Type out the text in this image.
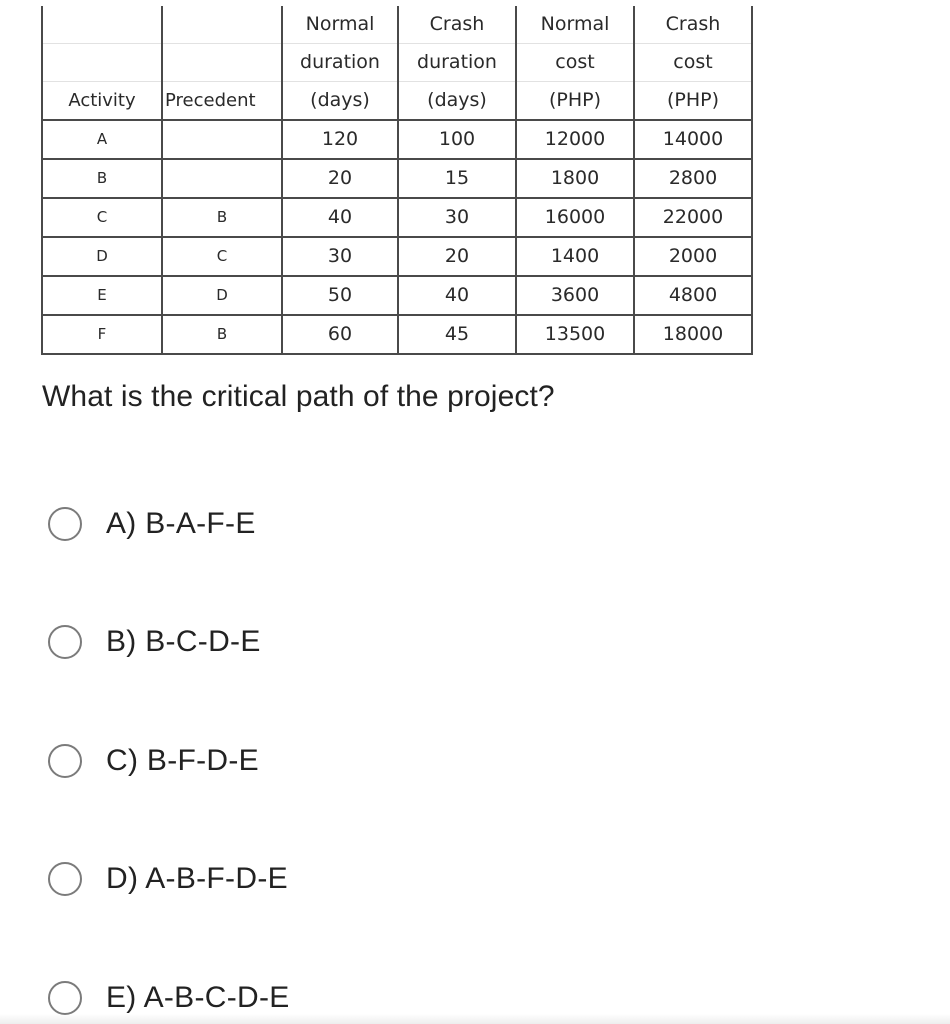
		Normal	Crash	Normal	Crash
		duration	duration	cost	cost
Activity	Precedent	(days)	(days)	(PHP)	(PHP)
A		120	100	12000	14000
B		20	15	1800	2800
C	B	40	30	16000	22000
D	C	30	20	1400	2000
E	D	50	40	3600	4800
F	B	60	45	13500	18000
What is the critical path of the project?
A) B-A-F-E
B) B-C-D-E
C) B-F-D-E
D) A-B-F-D-E
E) A-B-C-D-E
